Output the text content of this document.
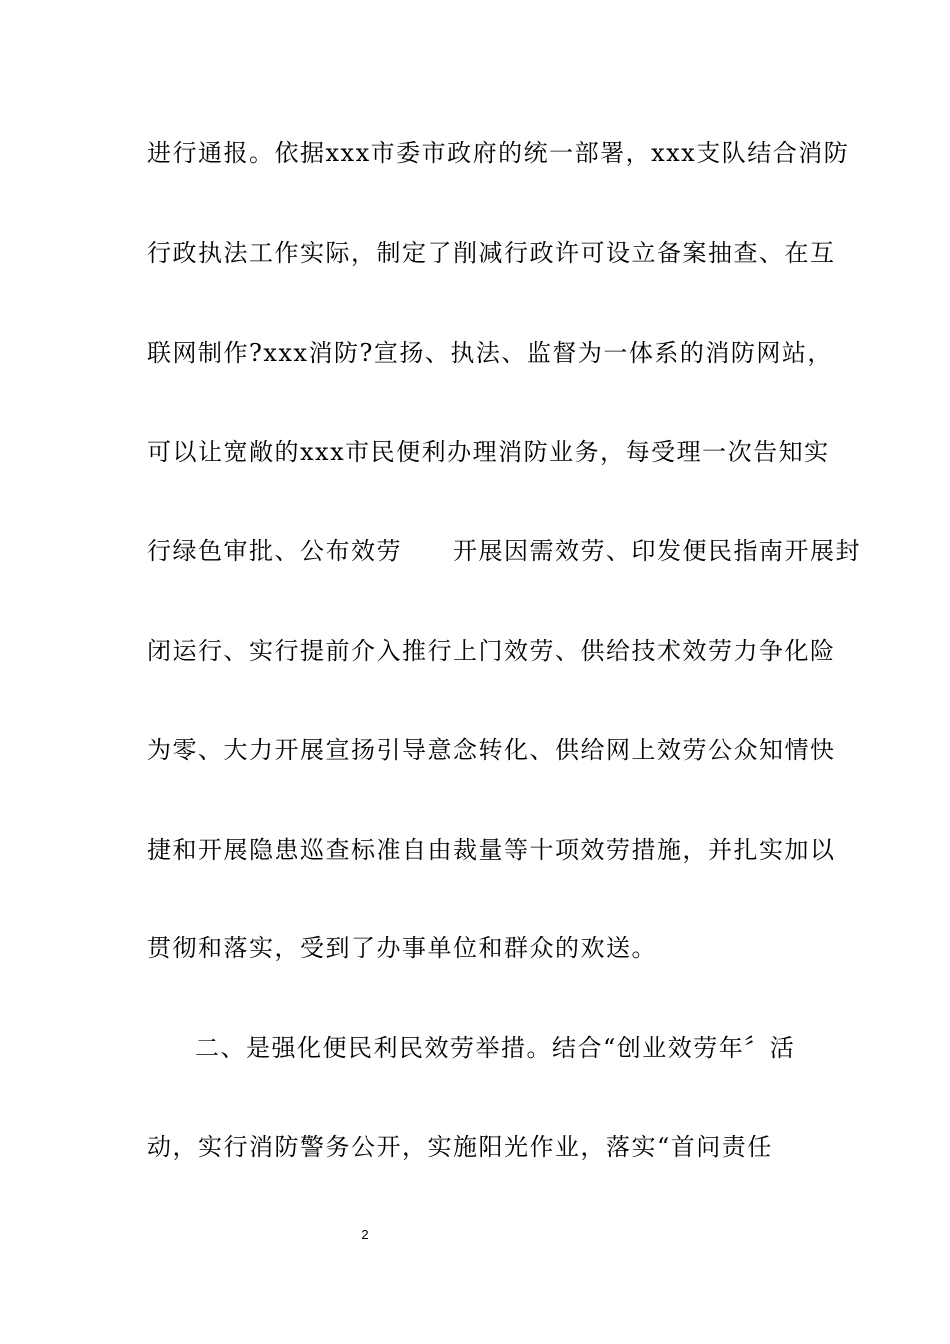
进行通报。依据xxx市委市政府的统一部署，xxx支队结合消防
行政执法工作实际，制定了削减行政许可设立备案抽查、在互
联网制作?xxx消防?宣扬、执法、监督为一体系的消防网站，
可以让宽敞的xxx市民便利办理消防业务，每受理一次告知实
行绿色审批、公布效劳　　开展因需效劳、印发便民指南开展封
闭运行、实行提前介入推行上门效劳、供给技术效劳力争化险
为零、大力开展宣扬引导意念转化、供给网上效劳公众知情快
捷和开展隐患巡查标准自由裁量等十项效劳措施，并扎实加以
贯彻和落实，受到了办事单位和群众的欢送。
二、是强化便民利民效劳举措。结合“创业效劳年〞活
动，实行消防警务公开，实施阳光作业，落实“首问责任
2
